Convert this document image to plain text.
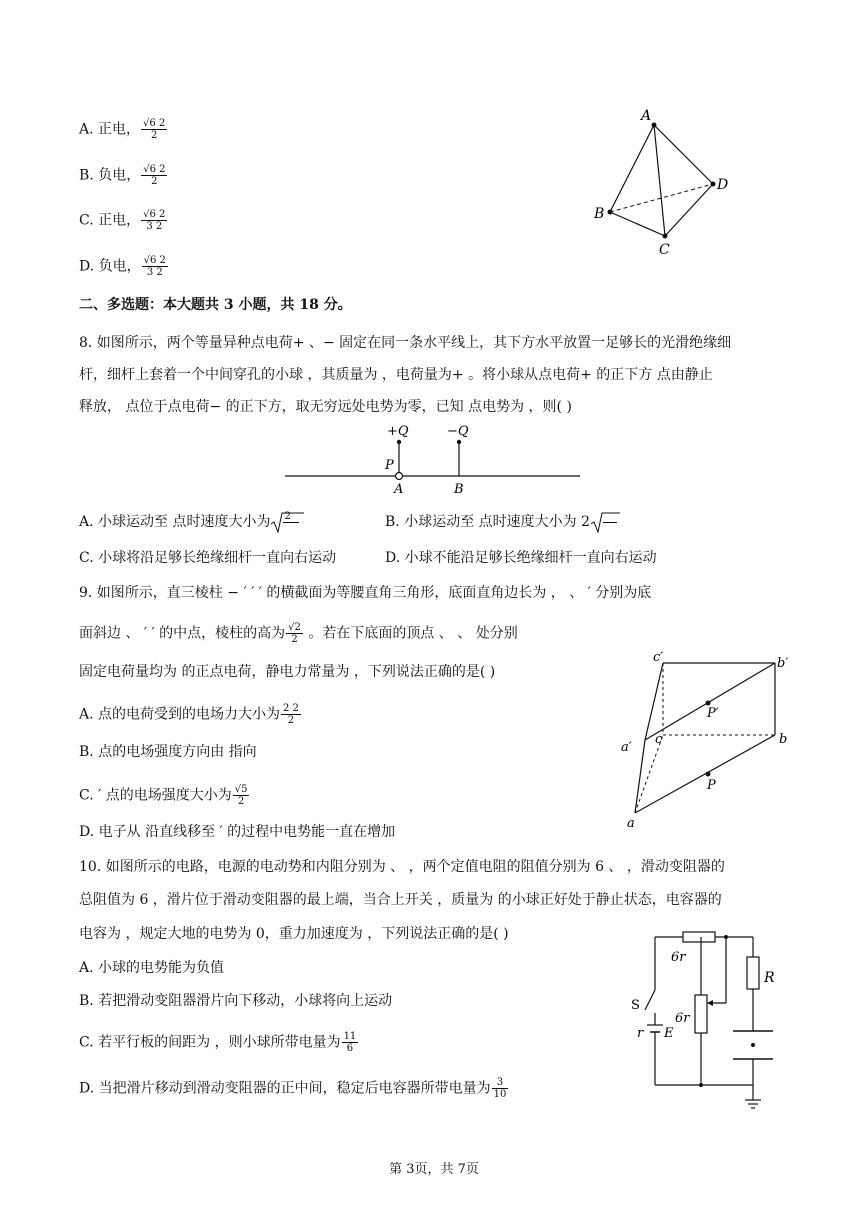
A. 正电， $\frac{√6 2}{2}$
B. 负电， $\frac{√6 2}{2}$
C. 正电， $\frac{√6 2}{3 2}$
D. 负电， $\frac{√6 2}{3 2}$
A
B
C
D
二、多选题：本大题共 3 小题，共 18 分。
8. 如图所示，两个等量异种点电荷+ 、− 固定在同一条水平线上，其下方水平放置一足够长的光滑绝缘细
杆，细杆上套着一个中间穿孔的小球 ，其质量为 ，电荷量为+ 。将小球从点电荷+ 的正下方 点由静止
释放， 点位于点电荷− 的正下方，取无穷远处电势为零，已知 点电势为 ，则( )
+Q	−Q
P
A	B
A. 小球运动至 点时速度大小为 2	B. 小球运动至 点时速度大小为 2
C. 小球将沿足够长绝缘细杆一直向右运动	D. 小球不能沿足够长绝缘细杆一直向右运动
9. 如图所示，直三棱柱 − ′ ′ ′ 的横截面为等腰直角三角形，底面直角边长为 ， 、 ′ 分别为底
面斜边 、 ′ ′ 的中点，棱柱的高为 $\frac{√2}{2}$ 。若在下底面的顶点 、 、 处分别
固定电荷量均为 的正点电荷，静电力常量为 ，下列说法正确的是( )
A. 点的电荷受到的电场力大小为 $\frac{2 2}{2}$
B. 点的电场强度方向由 指向
C. ′ 点的电场强度大小为 $\frac{√5}{2}$
D. 电子从 沿直线移至 ′ 的过程中电势能一直在增加
c′	b′
P′
a′
c	b
P
a
10. 如图所示的电路，电源的电动势和内阻分别为 、 ，两个定值电阻的阻值分别为 6 、 ，滑动变阻器的
总阻值为 6 ，滑片位于滑动变阻器的最上端，当合上开关 ，质量为 的小球正好处于静止状态，电容器的
电容为 ，规定大地的电势为 0，重力加速度为 ，下列说法正确的是( )
A. 小球的电势能为负值
B. 若把滑动变阻器滑片向下移动，小球将向上运动
C. 若平行板的间距为 ，则小球所带电量为 $\frac{11}{6}$
D. 当把滑片移动到滑动变阻器的正中间，稳定后电容器所带电量为 $\frac{3}{10}$
6r
S
6r
R
r E
第 3页，共 7页
